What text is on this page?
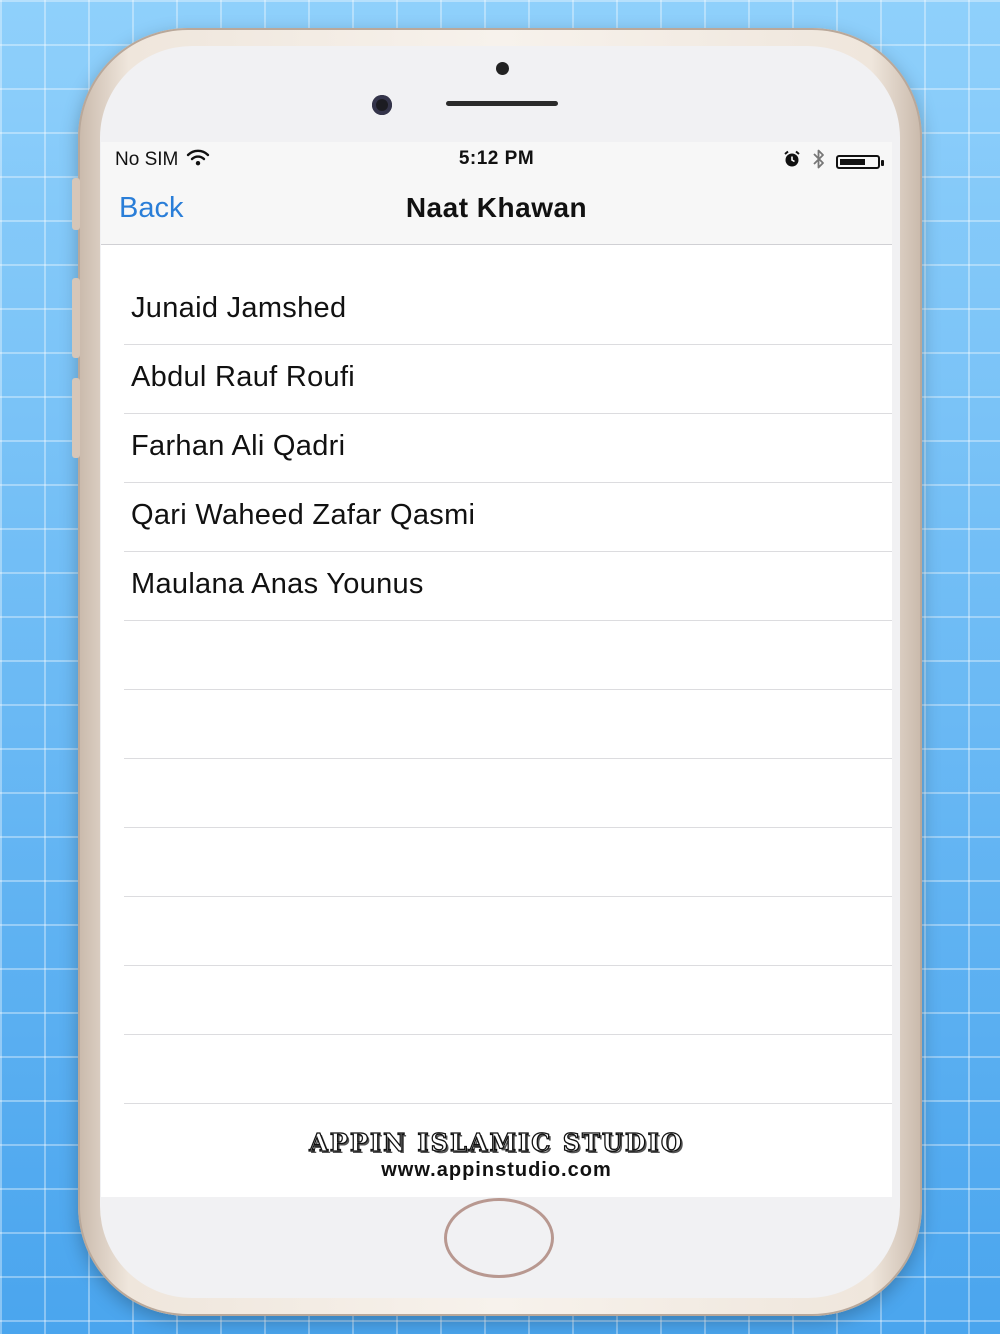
No SIM	5:12 PM
Back	Naat Khawan
Junaid Jamshed
Abdul Rauf Roufi
Farhan Ali Qadri
Qari Waheed Zafar Qasmi
Maulana Anas Younus
APPIN ISLAMIC STUDIO
www.appinstudio.com
